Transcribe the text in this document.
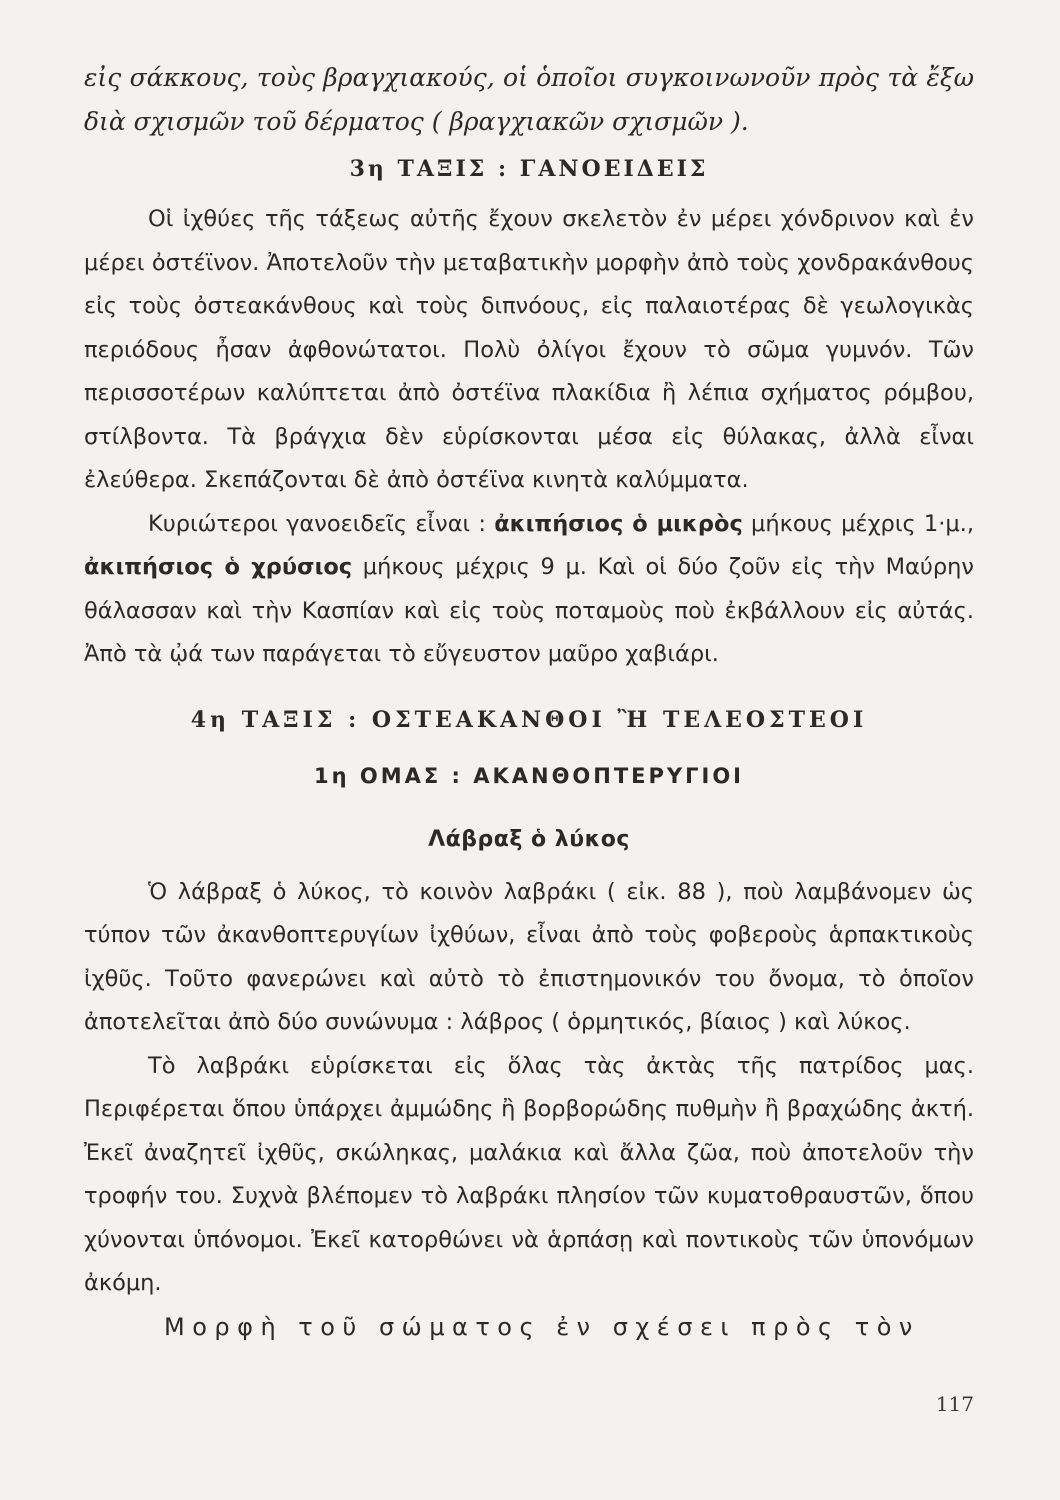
εἰς σάκκους, τοὺς βραγχιακούς, οἱ ὁποῖοι συγκοινωνοῦν πρὸς τὰ ἔξω διὰ σχισμῶν τοῦ δέρματος ( βραγχιακῶν σχισμῶν ).

3η ΤΑΞΙΣ : ΓΑΝΟΕΙΔΕΙΣ

Οἱ ἰχθύες τῆς τάξεως αὐτῆς ἔχουν σκελετὸν ἐν μέρει χόνδρινον καὶ ἐν μέρει ὀστέϊνον. Ἀποτελοῦν τὴν μεταβατικὴν μορφὴν ἀπὸ τοὺς χονδρακάνθους εἰς τοὺς ὀστεακάνθους καὶ τοὺς διπνόους, εἰς παλαιοτέρας δὲ γεωλογικὰς περιόδους ἦσαν ἀφθονώτατοι. Πολὺ ὀλίγοι ἔχουν τὸ σῶμα γυμνόν. Τῶν περισσοτέρων καλύπτεται ἀπὸ ὀστέϊνα πλακίδια ἢ λέπια σχήματος ρόμβου, στίλβοντα. Τὰ βράγχια δὲν εὑρίσκονται μέσα εἰς θύλακας, ἀλλὰ εἶναι ἐλεύθερα. Σκεπάζονται δὲ ἀπὸ ὀστέϊνα κινητὰ καλύμματα.

Κυριώτεροι γανοειδεῖς εἶναι : ἀκιπήσιος ὁ μικρὸς μήκους μέχρις 1·μ., ἀκιπήσιος ὁ χρύσιος μήκους μέχρις 9 μ. Καὶ οἱ δύο ζοῦν εἰς τὴν Μαύρην θάλασσαν καὶ τὴν Κασπίαν καὶ εἰς τοὺς ποταμοὺς ποὺ ἐκβάλλουν εἰς αὐτάς. Ἀπὸ τὰ ᾠά των παράγεται τὸ εὔγευστον μαῦρο χαβιάρι.

4η ΤΑΞΙΣ : ΟΣΤΕΑΚΑΝΘΟΙ Ἢ ΤΕΛΕΟΣΤΕΟΙ
1η ΟΜΑΣ : ΑΚΑΝΘΟΠΤΕΡΥΓΙΟΙ
Λάβραξ ὁ λύκος

Ὁ λάβραξ ὁ λύκος, τὸ κοινὸν λαβράκι ( εἰκ. 88 ), ποὺ λαμβάνομεν ὡς τύπον τῶν ἀκανθοπτερυγίων ἰχθύων, εἶναι ἀπὸ τοὺς φοβεροὺς ἁρπακτικοὺς ἰχθῦς. Τοῦτο φανερώνει καὶ αὐτὸ τὸ ἐπιστημονικόν του ὄνομα, τὸ ὁποῖον ἀποτελεῖται ἀπὸ δύο συνώνυμα : λάβρος ( ὁρμητικός, βίαιος ) καὶ λύκος.

Τὸ λαβράκι εὑρίσκεται εἰς ὅλας τὰς ἀκτὰς τῆς πατρίδος μας. Περιφέρεται ὅπου ὑπάρχει ἀμμώδης ἢ βορβορώδης πυθμὴν ἢ βραχώδης ἀκτή. Ἐκεῖ ἀναζητεῖ ἰχθῦς, σκώληκας, μαλάκια καὶ ἄλλα ζῶα, ποὺ ἀποτελοῦν τὴν τροφήν του. Συχνὰ βλέπομεν τὸ λαβράκι πλησίον τῶν κυματοθραυστῶν, ὅπου χύνονται ὑπόνομοι. Ἐκεῖ κατορθώνει νὰ ἁρπάσῃ καὶ ποντικοὺς τῶν ὑπονόμων ἀκόμη.

Μορφὴ τοῦ σώματος ἐν σχέσει πρὸς τὸν

117
